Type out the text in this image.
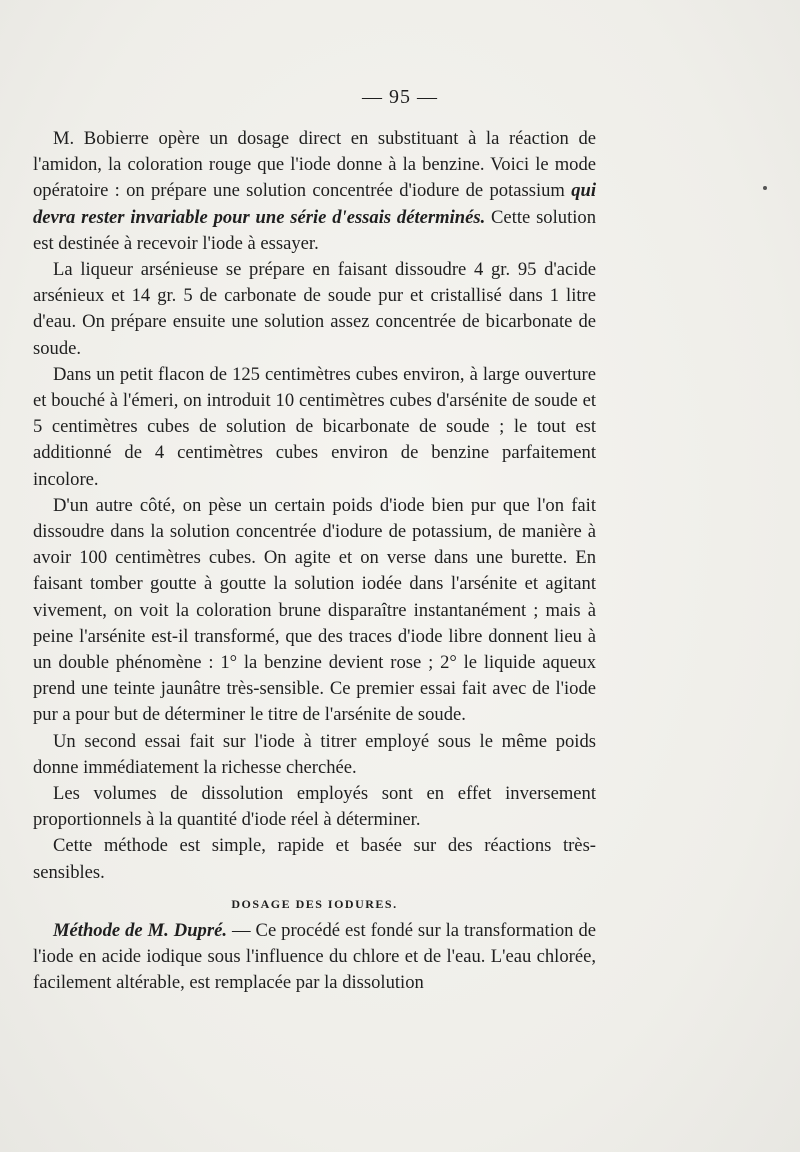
— 95 —

M. Bobierre opère un dosage direct en substituant à la réaction de l'amidon, la coloration rouge que l'iode donne à la benzine. Voici le mode opératoire : on prépare une solution concentrée d'iodure de potassium qui devra rester invariable pour une série d'essais déterminés. Cette solution est destinée à recevoir l'iode à essayer.

La liqueur arsénieuse se prépare en faisant dissoudre 4 gr. 95 d'acide arsénieux et 14 gr. 5 de carbonate de soude pur et cristallisé dans 1 litre d'eau. On prépare ensuite une solution assez concentrée de bicarbonate de soude.

Dans un petit flacon de 125 centimètres cubes environ, à large ouverture et bouché à l'émeri, on introduit 10 centimètres cubes d'arsénite de soude et 5 centimètres cubes de solution de bicarbonate de soude ; le tout est additionné de 4 centimètres cubes environ de benzine parfaitement incolore.

D'un autre côté, on pèse un certain poids d'iode bien pur que l'on fait dissoudre dans la solution concentrée d'iodure de potassium, de manière à avoir 100 centimètres cubes. On agite et on verse dans une burette. En faisant tomber goutte à goutte la solution iodée dans l'arsénite et agitant vivement, on voit la coloration brune disparaître instantanément ; mais à peine l'arsénite est-il transformé, que des traces d'iode libre donnent lieu à un double phénomène : 1° la benzine devient rose ; 2° le liquide aqueux prend une teinte jaunâtre très-sensible. Ce premier essai fait avec de l'iode pur a pour but de déterminer le titre de l'arsénite de soude.

Un second essai fait sur l'iode à titrer employé sous le même poids donne immédiatement la richesse cherchée.

Les volumes de dissolution employés sont en effet inversement proportionnels à la quantité d'iode réel à déterminer.

Cette méthode est simple, rapide et basée sur des réactions très-sensibles.

DOSAGE DES IODURES.

Méthode de M. Dupré. — Ce procédé est fondé sur la transformation de l'iode en acide iodique sous l'influence du chlore et de l'eau. L'eau chlorée, facilement altérable, est remplacée par la dissolution
